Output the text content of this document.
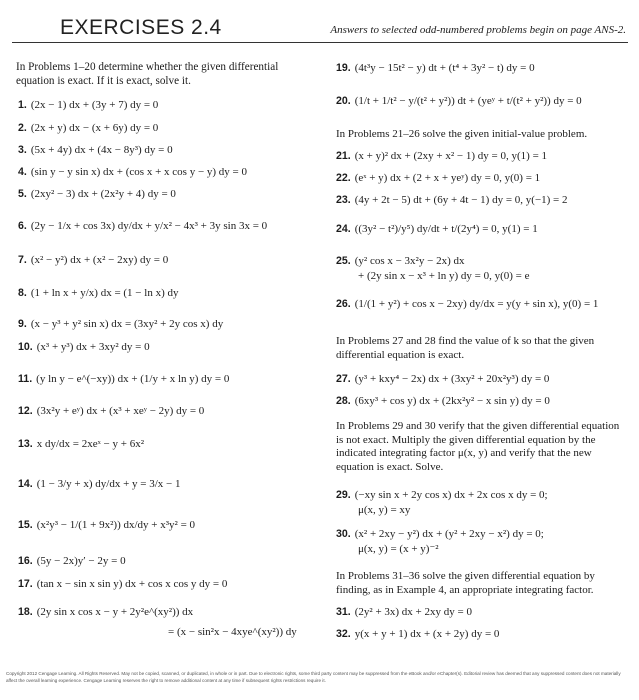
EXERCISES 2.4	Answers to selected odd-numbered problems begin on page ANS-2.
In Problems 1–20 determine whether the given differential equation is exact. If it is exact, solve it.
1. (2x − 1) dx + (3y + 7) dy = 0
2. (2x + y) dx − (x + 6y) dy = 0
3. (5x + 4y) dx + (4x − 8y³) dy = 0
4. (sin y − y sin x) dx + (cos x + x cos y − y) dy = 0
5. (2xy² − 3) dx + (2x²y + 4) dy = 0
6. (2y − 1/x + cos 3x) dy/dx + y/x² − 4x³ + 3y sin 3x = 0
7. (x² − y²) dx + (x² − 2xy) dy = 0
8. (1 + ln x + y/x) dx = (1 − ln x) dy
9. (x − y³ + y² sin x) dx = (3xy² + 2y cos x) dy
10. (x³ + y³) dx + 3xy² dy = 0
11. (y ln y − e^(−xy)) dx + (1/y + x ln y) dy = 0
12. (3x²y + eʸ) dx + (x³ + xeʸ − 2y) dy = 0
13. x dy/dx = 2xeˣ − y + 6x²
14. (1 − 3/y + x) dy/dx + y = 3/x − 1
15. (x²y³ − 1/(1 + 9x²)) dx/dy + x³y² = 0
16. (5y − 2x)y′ − 2y = 0
17. (tan x − sin x sin y) dx + cos x cos y dy = 0
18. (2y sin x cos x − y + 2y²e^(xy²)) dx
= (x − sin²x − 4xye^(xy²)) dy
19. (4t³y − 15t² − y) dt + (t⁴ + 3y² − t) dy = 0
20. (1/t + 1/t² − y/(t² + y²)) dt + (yeʸ + t/(t² + y²)) dy = 0
In Problems 21–26 solve the given initial-value problem.
21. (x + y)² dx + (2xy + x² − 1) dy = 0, y(1) = 1
22. (eˣ + y) dx + (2 + x + yeʸ) dy = 0, y(0) = 1
23. (4y + 2t − 5) dt + (6y + 4t − 1) dy = 0, y(−1) = 2
24. ((3y² − t²)/y⁵) dy/dt + t/(2y⁴) = 0, y(1) = 1
25. (y² cos x − 3x²y − 2x) dx
+ (2y sin x − x³ + ln y) dy = 0, y(0) = e
26. (1/(1 + y²) + cos x − 2xy) dy/dx = y(y + sin x), y(0) = 1
In Problems 27 and 28 find the value of k so that the given differential equation is exact.
27. (y³ + kxy⁴ − 2x) dx + (3xy² + 20x²y³) dy = 0
28. (6xy³ + cos y) dx + (2kx²y² − x sin y) dy = 0
In Problems 29 and 30 verify that the given differential equation is not exact. Multiply the given differential equation by the indicated integrating factor μ(x, y) and verify that the new equation is exact. Solve.
29. (−xy sin x + 2y cos x) dx + 2x cos x dy = 0;
μ(x, y) = xy
30. (x² + 2xy − y²) dx + (y² + 2xy − x²) dy = 0;
μ(x, y) = (x + y)⁻²
In Problems 31–36 solve the given differential equation by finding, as in Example 4, an appropriate integrating factor.
31. (2y² + 3x) dx + 2xy dy = 0
32. y(x + y + 1) dx + (x + 2y) dy = 0
Copyright 2012 Cengage Learning. All Rights Reserved. May not be copied, scanned, or duplicated, in whole or in part. Due to electronic rights, some third party content may be suppressed from the eBook and/or eChapter(s). Editorial review has deemed that any suppressed content does not materially affect the overall learning experience. Cengage Learning reserves the right to remove additional content at any time if subsequent rights restrictions require it.
